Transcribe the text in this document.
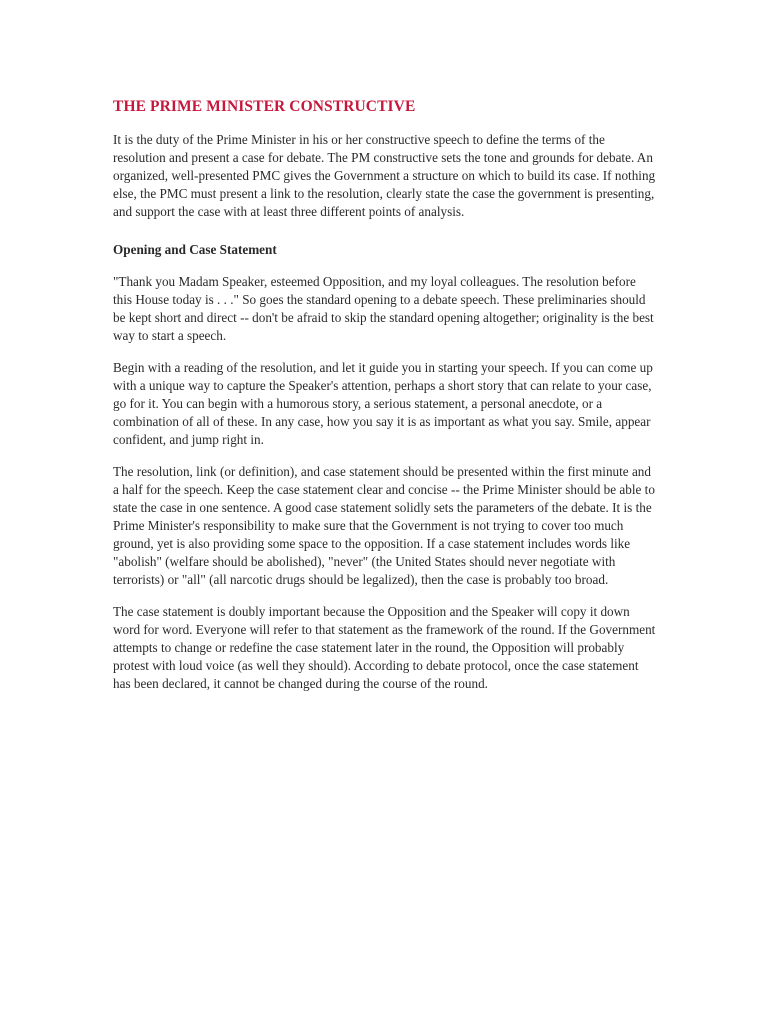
THE PRIME MINISTER CONSTRUCTIVE

It is the duty of the Prime Minister in his or her constructive speech to define the terms of the resolution and present a case for debate. The PM constructive sets the tone and grounds for debate. An organized, well-presented PMC gives the Government a structure on which to build its case. If nothing else, the PMC must present a link to the resolution, clearly state the case the government is presenting, and support the case with at least three different points of analysis.

Opening and Case Statement

"Thank you Madam Speaker, esteemed Opposition, and my loyal colleagues. The resolution before this House today is . . ." So goes the standard opening to a debate speech. These preliminaries should be kept short and direct -- don't be afraid to skip the standard opening altogether; originality is the best way to start a speech.

Begin with a reading of the resolution, and let it guide you in starting your speech. If you can come up with a unique way to capture the Speaker's attention, perhaps a short story that can relate to your case, go for it. You can begin with a humorous story, a serious statement, a personal anecdote, or a combination of all of these. In any case, how you say it is as important as what you say. Smile, appear confident, and jump right in.

The resolution, link (or definition), and case statement should be presented within the first minute and a half for the speech. Keep the case statement clear and concise -- the Prime Minister should be able to state the case in one sentence. A good case statement solidly sets the parameters of the debate. It is the Prime Minister's responsibility to make sure that the Government is not trying to cover too much ground, yet is also providing some space to the opposition. If a case statement includes words like "abolish" (welfare should be abolished), "never" (the United States should never negotiate with terrorists) or "all" (all narcotic drugs should be legalized), then the case is probably too broad.

The case statement is doubly important because the Opposition and the Speaker will copy it down word for word. Everyone will refer to that statement as the framework of the round. If the Government attempts to change or redefine the case statement later in the round, the Opposition will probably protest with loud voice (as well they should). According to debate protocol, once the case statement has been declared, it cannot be changed during the course of the round.
